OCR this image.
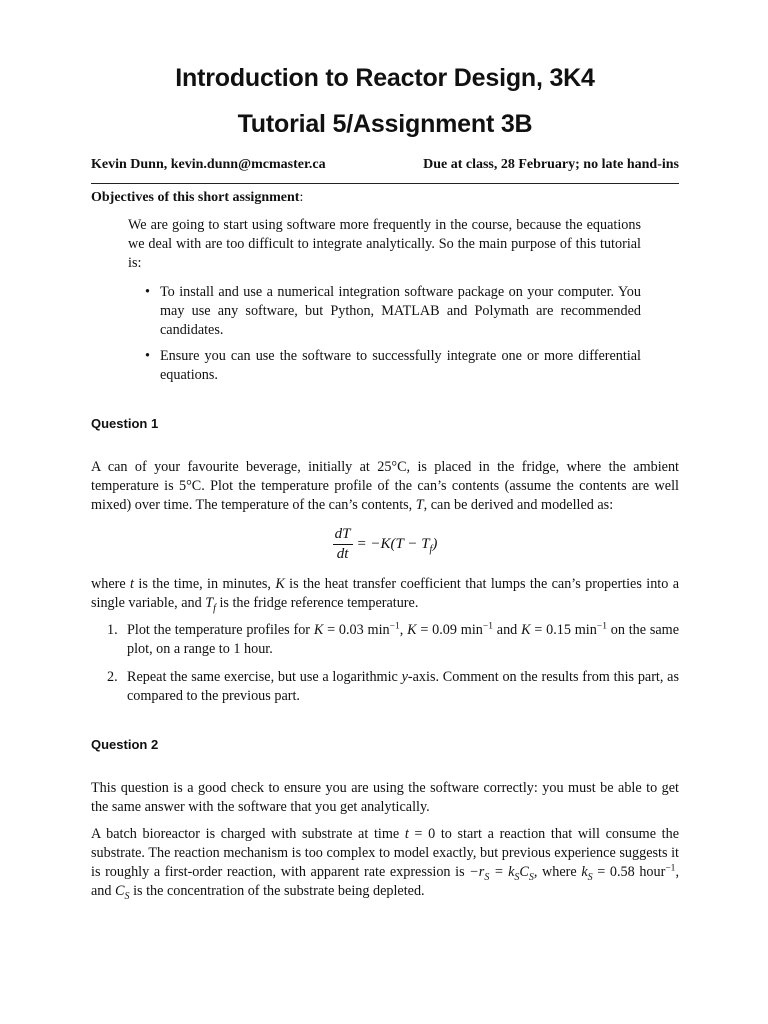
Introduction to Reactor Design, 3K4
Tutorial 5/Assignment 3B
Kevin Dunn, kevin.dunn@mcmaster.ca	Due at class, 28 February; no late hand-ins
Objectives of this short assignment:

We are going to start using software more frequently in the course, because the equations we deal with are too difficult to integrate analytically. So the main purpose of this tutorial is:

• To install and use a numerical integration software package on your computer. You may use any software, but Python, MATLAB and Polymath are recommended candidates.
• Ensure you can use the software to successfully integrate one or more differential equations.
Question 1

A can of your favourite beverage, initially at 25°C, is placed in the fridge, where the ambient temperature is 5°C. Plot the temperature profile of the can’s contents (assume the contents are well mixed) over time. The temperature of the can’s contents, T, can be derived and modelled as:

$\frac{dT}{dt} = -K(T - T_f)$

where t is the time, in minutes, K is the heat transfer coefficient that lumps the can’s properties into a single variable, and $T_f$ is the fridge reference temperature.

1. Plot the temperature profiles for K = 0.03 $\min^{-1}$, K = 0.09 $\min^{-1}$ and K = 0.15 $\min^{-1}$ on the same plot, on a range to 1 hour.
2. Repeat the same exercise, but use a logarithmic y-axis. Comment on the results from this part, as compared to the previous part.
Question 2

This question is a good check to ensure you are using the software correctly: you must be able to get the same answer with the software that you get analytically.

A batch bioreactor is charged with substrate at time t = 0 to start a reaction that will consume the substrate. The reaction mechanism is too complex to model exactly, but previous experience suggests it is roughly a first-order reaction, with apparent rate expression is $-r_S = k_SC_S$, where $k_S = 0.58$ hour$^{-1}$, and $C_S$ is the concentration of the substrate being depleted.
